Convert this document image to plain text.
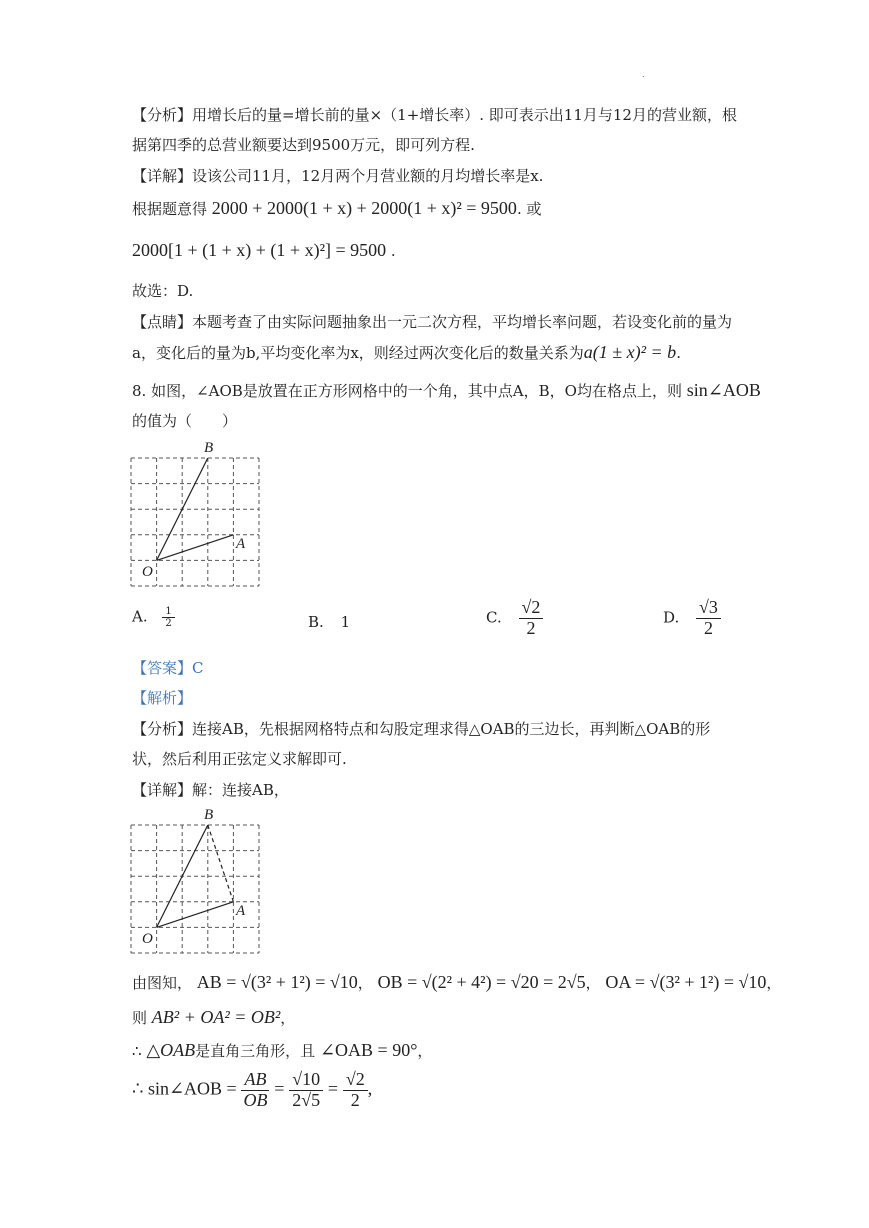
.
【分析】用增长后的量=增长前的量×（1+增长率）. 即可表示出11月与12月的营业额，根
据第四季的总营业额要达到9500万元，即可列方程.
【详解】设该公司11月，12月两个月营业额的月均增长率是x.
根据题意得 2000 + 2000(1 + x) + 2000(1 + x)² = 9500. 或
2000[1 + (1 + x) + (1 + x)²] = 9500 .
故选：D.
【点睛】本题考查了由实际问题抽象出一元二次方程，平均增长率问题，若设变化前的量为
a，变化后的量为b,平均变化率为x，则经过两次变化后的数量关系为a(1 ± x)² = b.
8. 如图，∠AOB是放置在正方形网格中的一个角，其中点A，B，O均在格点上，则 sin∠AOB
的值为（　　）
B
A
O
A. $\frac{1}{2}$	B. 1	C. $\frac{√2}{2}$	D. $\frac{√3}{2}$
【答案】C
【解析】
【分析】连接AB，先根据网格特点和勾股定理求得△OAB的三边长，再判断△OAB的形
状，然后利用正弦定义求解即可.
【详解】解：连接AB，
B
A
O
由图知， AB = √(3² + 1²) = √10， OB = √(2² + 4²) = √20 = 2√5， OA = √(3² + 1²) = √10，
则 AB² + OA² = OB²，
∴ △OAB是直角三角形，且 ∠OAB = 90°，
∴ sin∠AOB = $\frac{AB}{OB} = \frac{√10}{2√5} = \frac{√2}{2}$ ,
